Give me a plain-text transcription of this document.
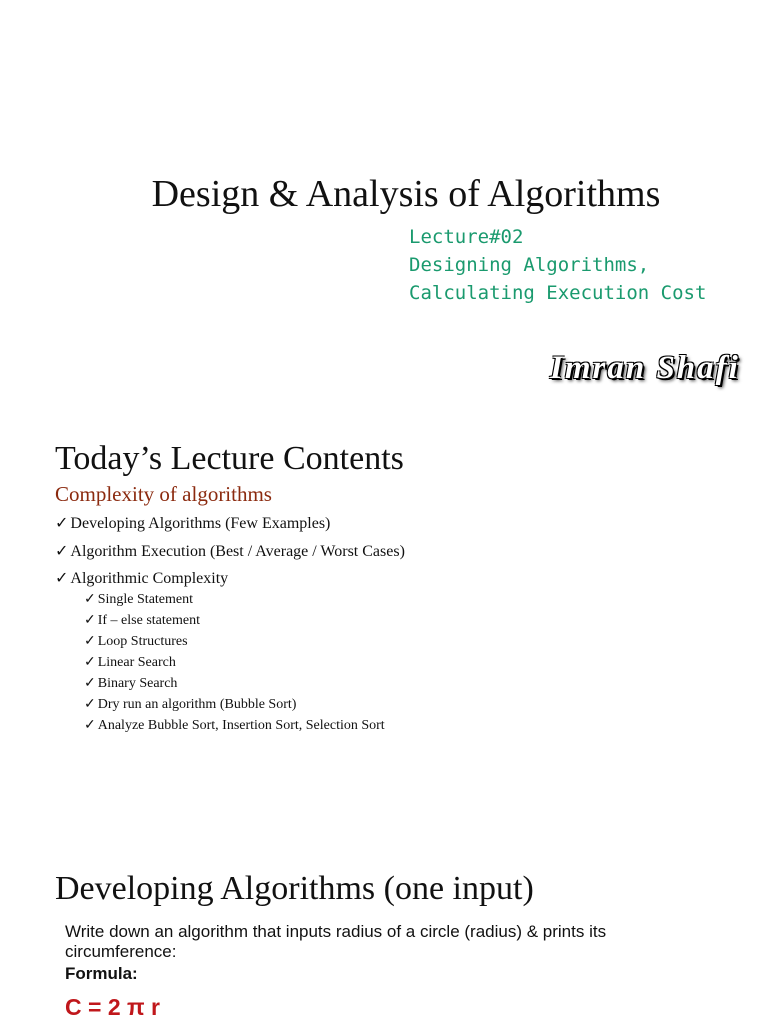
Design & Analysis of Algorithms
Lecture#02
Designing Algorithms,
Calculating Execution Cost
Imran Shafi
Today’s Lecture Contents
Complexity of algorithms
✓ Developing Algorithms (Few Examples)
✓ Algorithm Execution (Best / Average / Worst Cases)
✓ Algorithmic Complexity
✓ Single Statement
✓ If – else statement
✓ Loop Structures
✓ Linear Search
✓ Binary Search
✓ Dry run an algorithm (Bubble Sort)
✓ Analyze Bubble Sort, Insertion Sort, Selection Sort
Developing Algorithms (one input)
Write down an algorithm that inputs radius of a circle (radius) & prints its circumference:
Formula:
C = 2 π r
